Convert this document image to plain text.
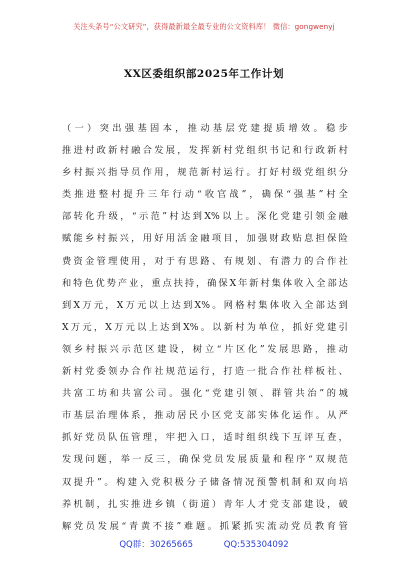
关注头条号“公文研究”，获得最新最全最专业的公文资料库！ 微信：gongwenyj
XX区委组织部2025年工作计划
（一）突出强基固本，推动基层党建提质增效。稳步
推进村政新村融合发展，发挥新村党组织书记和行政新村
乡村振兴指导员作用，规范新村运行。打好村级党组织分
类推进整村提升三年行动“收官战”，确保“强基”村全
部转化升级，“示范”村达到X%以上。深化党建引领金融
赋能乡村振兴，用好用活金融项目，加强财政贴息担保险
费资金管理使用，对于有思路、有规划、有潜力的合作社
和特色优势产业，重点扶持，确保X年新村集体收入全部达
到X万元，X万元以上达到X%。网格村集体收入全部达到
X万元，X万元以上达到X%。以新村为单位，抓好党建引
领乡村振兴示范区建设，树立“片区化”发展思路，推动
新村党委领办合作社规范运行，打造一批合作社样板社、
共富工坊和共富公司。强化“党建引领、群管共治”的城
市基层治理体系，推动居民小区党支部实体化运作。从严
抓好党员队伍管理，牢把入口，适时组织线下互评互查，
发现问题，举一反三，确保党员发展质量和程序“双规范
双提升”。构建入党积极分子储备情况预警机制和双向培
养机制，扎实推进乡镇（街道）青年人才党支部建设，破
解党员发展“青黄不接”难题。抓紧抓实流动党员教育管
QQ群：30265665	QQ:535304092
